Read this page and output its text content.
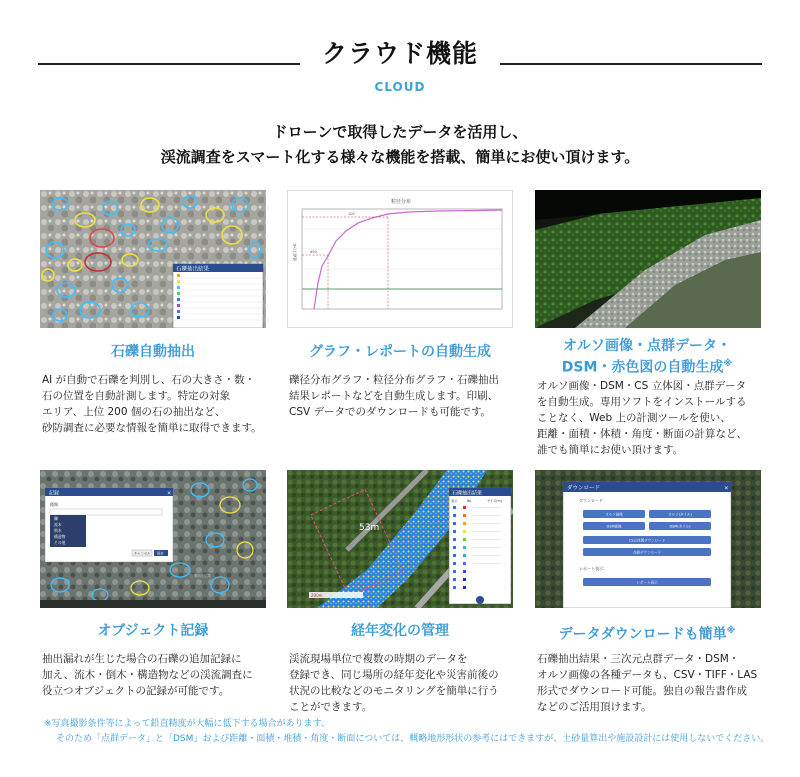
クラウド機能
CLOUD
ドローンで取得したデータを活用し、
渓流調査をスマート化する様々な機能を搭載、簡単にお使い頂けます。
石礫抽出結果
石礫自動抽出
AI が自動で石礫を判別し、石の大きさ・数・
石の位置を自動計測します。特定の対象
エリア、上位 200 個の石の抽出など、
砂防調査に必要な情報を簡単に取得できます。
粒径分布
100
d50
通過百分率
グラフ・レポートの自動生成
礫径分布グラフ・粒径分布グラフ・石礫抽出
結果レポートなどを自動生成します。印刷、
CSV データでのダウンロードも可能です。
オルソ画像・点群データ・
DSM・赤色図の自動生成※
オルソ画像・DSM・CS 立体図・点群データ
を自動生成。専用ソフトをインストールする
ことなく、Web 上の計測ツールを使い、
距離・面積・体積・角度・断面の計算など、
誰でも簡単にお使い頂けます。
記録	×
種類
礫
流木
倒木
構造物
その他
キャンセル 保存
石礫抽出結果
オブジェクト記録
抽出漏れが生じた場合の石礫の追加記録に
加え、流木・倒木・構造物などの渓流調査に
役立つオブジェクトの記録が可能です。
53m
石礫抽出結果
表示	No	サイズ(m)
200m
経年変化の管理
渓流現場単位で複数の時期のデータを
登録でき、同じ場所の経年変化や災害前後の
状況の比較などのモニタリングを簡単に行う
ことができます。
ダウンロード	×
ダウンロード：
オルソ画像	オルソ(タイル)
DSM画像	DSM(タイル)
CS立体図ダウンロード
点群ダウンロード
レポート表示：
レポート表示
データダウンロードも簡単※
石礫抽出結果・三次元点群データ・DSM・
オルソ画像の各種データも、CSV・TIFF・LAS
形式でダウンロード可能。独自の報告書作成
などのご活用頂けます。
※写真撮影条件等によって鉛直精度が大幅に低下する場合があります。
そのため「点群データ」と「DSM」および距離・面積・堆積・角度・断面については、概略地形形状の参考にはできますが、土砂量算出や施設設計には使用しないでください。
